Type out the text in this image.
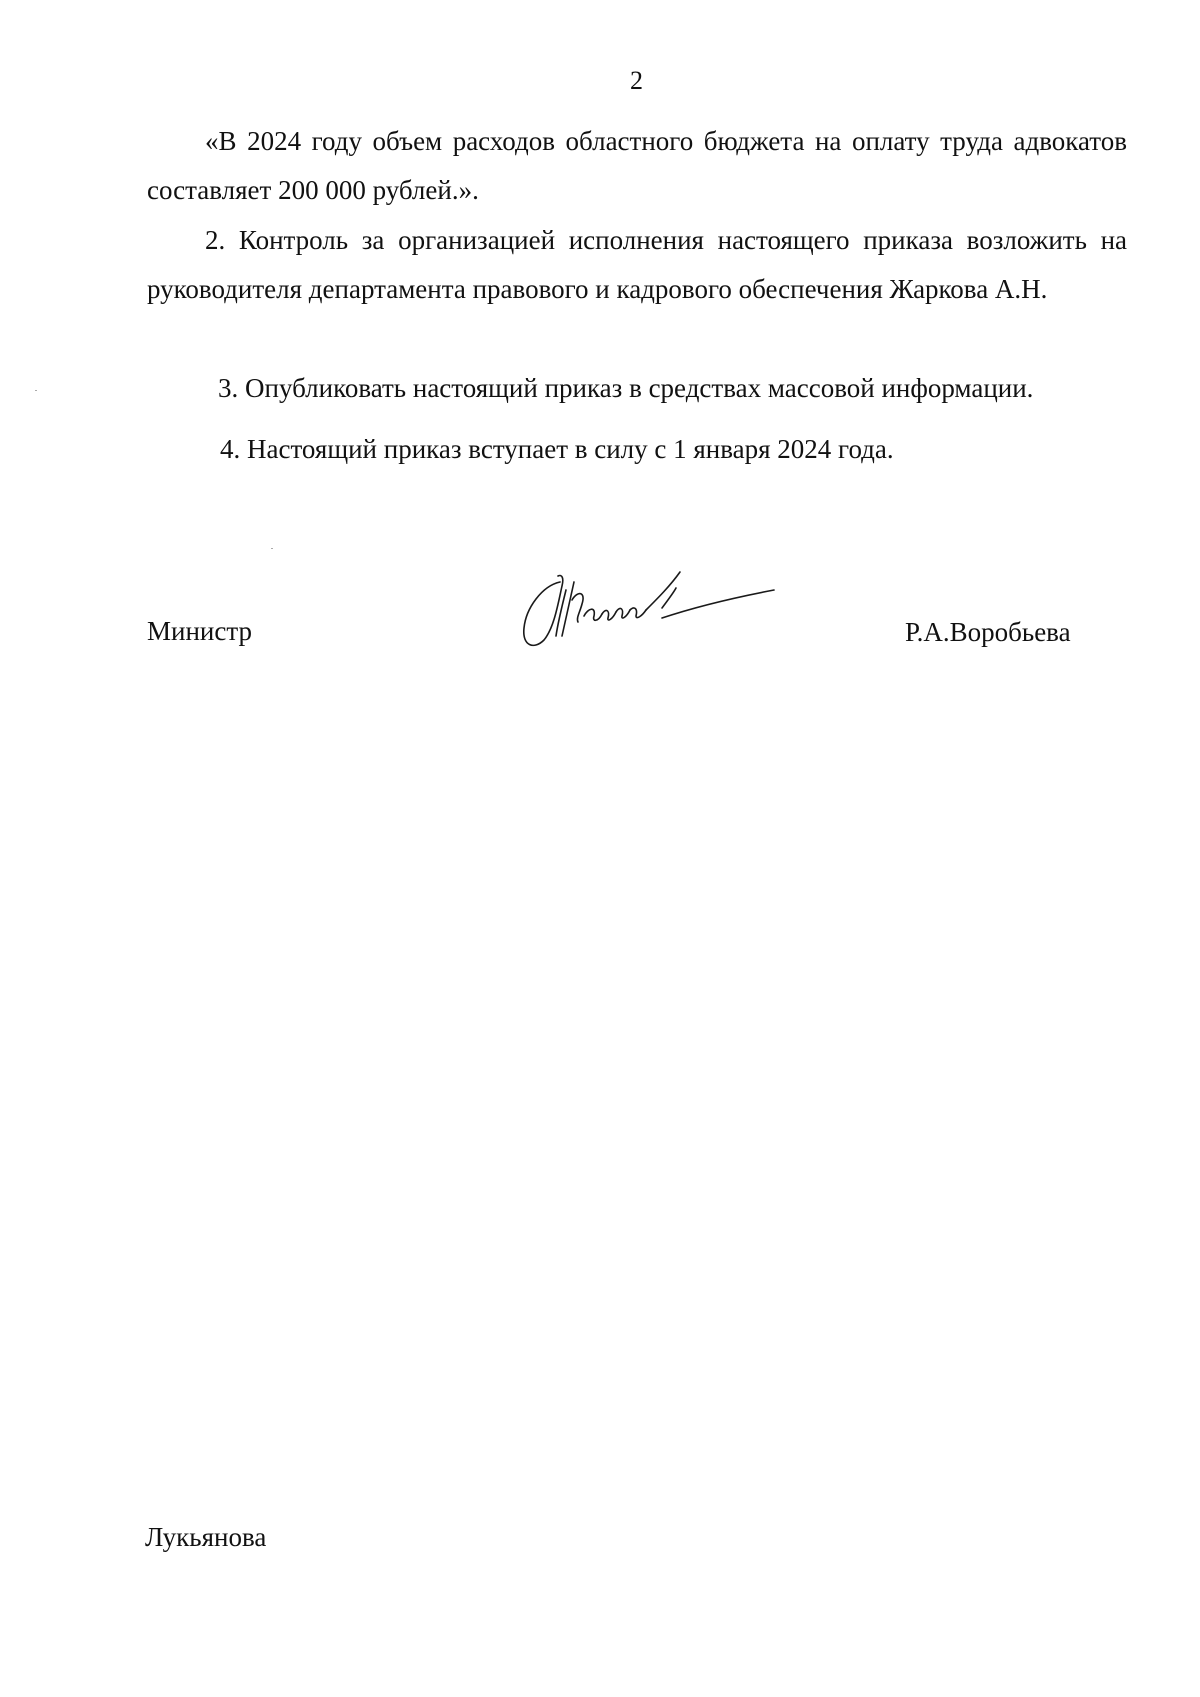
2

«В 2024 году объем расходов областного бюджета на оплату труда адвокатов составляет 200 000 рублей.».

2. Контроль за организацией исполнения настоящего приказа возложить на руководителя департамента правового и кадрового обеспечения Жаркова А.Н.

3. Опубликовать настоящий приказ в средствах массовой информации.

4. Настоящий приказ вступает в силу с 1 января 2024 года.

Министр	Р.А.Воробьева
Лукьянова
